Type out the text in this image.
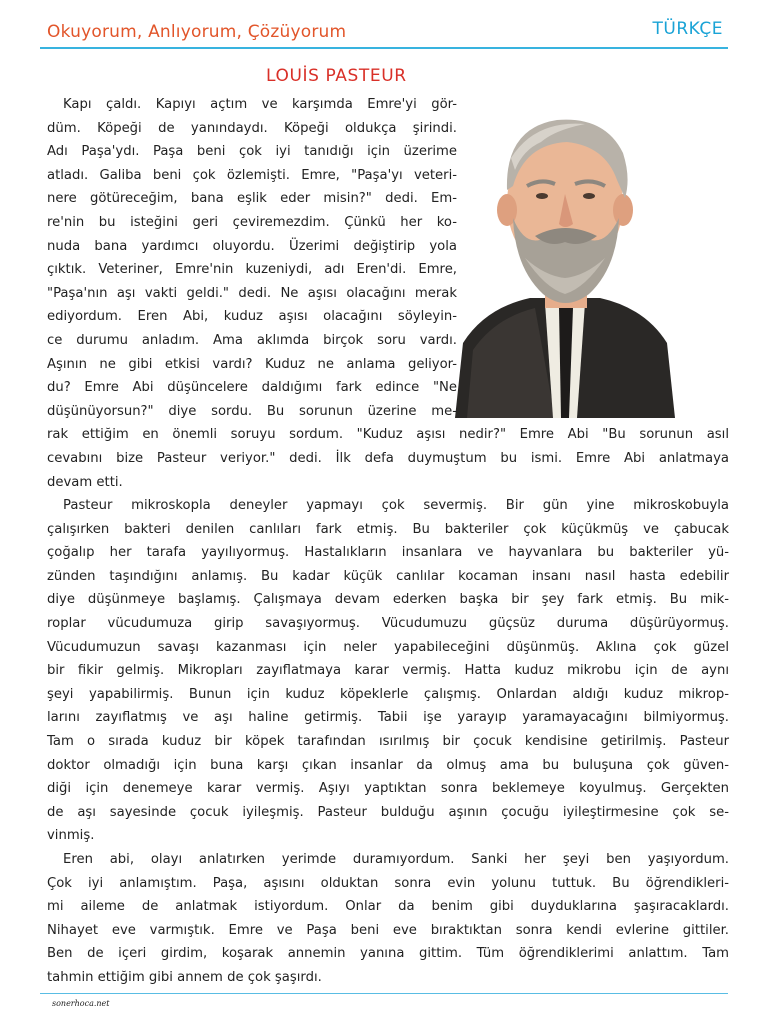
Okuyorum, Anlıyorum, Çözüyorum	TÜRKÇE
LOUİS PASTEUR
Kapı çaldı. Kapıyı açtım ve karşımda Emre'yi gör-
düm. Köpeği de yanındaydı. Köpeği oldukça şirindi.
Adı Paşa'ydı. Paşa beni çok iyi tanıdığı için üzerime
atladı. Galiba beni çok özlemişti. Emre, "Paşa'yı veteri-
nere götüreceğim, bana eşlik eder misin?" dedi. Em-
re'nin bu isteğini geri çeviremezdim. Çünkü her ko-
nuda bana yardımcı oluyordu. Üzerimi değiştirip yola
çıktık. Veteriner, Emre'nin kuzeniydi, adı Eren'di. Emre,
"Paşa'nın aşı vakti geldi." dedi. Ne aşısı olacağını merak
ediyordum. Eren Abi, kuduz aşısı olacağını söyleyin-
ce durumu anladım. Ama aklımda birçok soru vardı.
Aşının ne gibi etkisi vardı? Kuduz ne anlama geliyor-
du? Emre Abi düşüncelere daldığımı fark edince "Ne
düşünüyorsun?" diye sordu. Bu sorunun üzerine me-
rak ettiğim en önemli soruyu sordum. "Kuduz aşısı nedir?" Emre Abi "Bu sorunun asıl
cevabını bize Pasteur veriyor." dedi. İlk defa duymuştum bu ismi. Emre Abi anlatmaya
devam etti.
Pasteur mikroskopla deneyler yapmayı çok severmiş. Bir gün yine mikroskobuyla
çalışırken bakteri denilen canlıları fark etmiş. Bu bakteriler çok küçükmüş ve çabucak
çoğalıp her tarafa yayılıyormuş. Hastalıkların insanlara ve hayvanlara bu bakteriler yü-
zünden taşındığını anlamış. Bu kadar küçük canlılar kocaman insanı nasıl hasta edebilir
diye düşünmeye başlamış. Çalışmaya devam ederken başka bir şey fark etmiş. Bu mik-
roplar vücudumuza girip savaşıyormuş. Vücudumuzu güçsüz duruma düşürüyormuş.
Vücudumuzun savaşı kazanması için neler yapabileceğini düşünmüş. Aklına çok güzel
bir fikir gelmiş. Mikropları zayıflatmaya karar vermiş. Hatta kuduz mikrobu için de aynı
şeyi yapabilirmiş. Bunun için kuduz köpeklerle çalışmış. Onlardan aldığı kuduz mikrop-
larını zayıflatmış ve aşı haline getirmiş. Tabii işe yarayıp yaramayacağını bilmiyormuş.
Tam o sırada kuduz bir köpek tarafından ısırılmış bir çocuk kendisine getirilmiş. Pasteur
doktor olmadığı için buna karşı çıkan insanlar da olmuş ama bu buluşuna çok güven-
diği için denemeye karar vermiş. Aşıyı yaptıktan sonra beklemeye koyulmuş. Gerçekten
de aşı sayesinde çocuk iyileşmiş. Pasteur bulduğu aşının çocuğu iyileştirmesine çok se-
vinmiş.
Eren abi, olayı anlatırken yerimde duramıyordum. Sanki her şeyi ben yaşıyordum.
Çok iyi anlamıştım. Paşa, aşısını olduktan sonra evin yolunu tuttuk. Bu öğrendikleri-
mi aileme de anlatmak istiyordum. Onlar da benim gibi duyduklarına şaşıracaklardı.
Nihayet eve varmıştık. Emre ve Paşa beni eve bıraktıktan sonra kendi evlerine gittiler.
Ben de içeri girdim, koşarak annemin yanına gittim. Tüm öğrendiklerimi anlattım. Tam
tahmin ettiğim gibi annem de çok şaşırdı.
sonerhoca.net
